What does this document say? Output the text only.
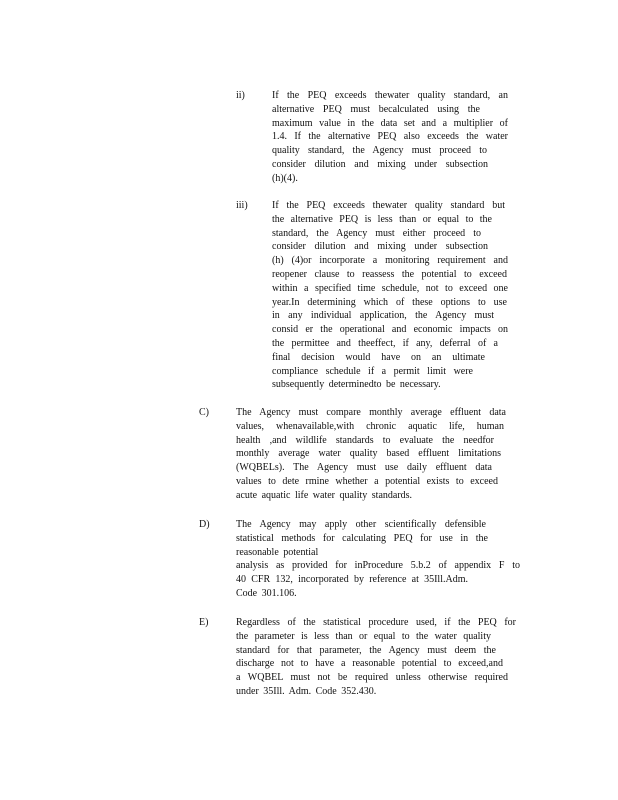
ii)	If the PEQ exceeds thewater quality standard, an
alternative PEQ must becalculated using the
maximum value in the data set and a multiplier of
1.4. If the alternative PEQ also exceeds the water
quality standard, the Agency must proceed to
consider dilution and mixing under subsection
(h)(4).
iii) If the PEQ exceeds thewater quality standard but
the alternative PEQ is less than or equal to the
standard, the Agency must either proceed to
consider dilution and mixing under subsection
(h) (4)or incorporate a monitoring requirement and
reopener clause to reassess the potential to exceed
within a specified time schedule, not to exceed one
year.In determining which of these options to use
in any individual application, the Agency must
consid er the operational and economic impacts on
the permittee and theeffect, if any, deferral of a
final decision would have on an ultimate
compliance schedule if a permit limit were
subsequently determinedto be necessary.
C)	The Agency must compare monthly average effluent data
values, whenavailable,with chronic aquatic life, human
health ,and wildlife standards to evaluate the needfor
monthly average water quality based effluent limitations
(WQBELs). The Agency must use daily effluent data
values to dete rmine whether a potential exists to exceed
acute aquatic life water quality standards.
D)	The Agency may apply other scientifically defensible
statistical methods for calculating PEQ for use in the
reasonable potential
analysis as provided for inProcedure 5.b.2 of appendix F to
40 CFR 132, incorporated by reference at 35Ill.Adm.
Code 301.106.
E)	Regardless of the statistical procedure used, if the PEQ for
the parameter is less than or equal to the water quality
standard for that parameter, the Agency must deem the
discharge not to have a reasonable potential to exceed,and
a WQBEL must not be required unless otherwise required
under 35Ill. Adm. Code 352.430.
